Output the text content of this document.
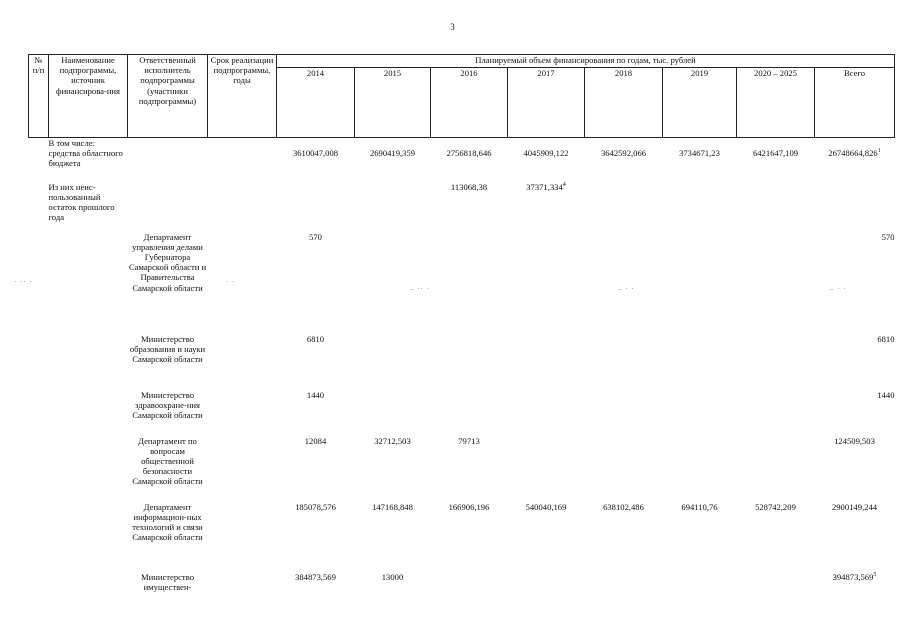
3
№
п/п	Наименование подпрограммы, источник финансирова-ния	Ответственный исполнитель подпрограммы (участники подпрограммы)	Срок реализации подпрограммы, годы	Планируемый объем финансирования по годам, тыс. рублей							
				2014	2015	2016	2017	2018	2019	2020 – 2025	Всего
	В том числе:
средства областного бюджета			3610047,008	2690419,359	2756818,646	4045909,122	3642592,066	3734671,23	6421647,109	26748664,826$^1$
	Из них неис-пользованный остаток прошлого года					113068,38	37371,334$^4$				
		Департамент управления делами Губернатора Самарской области и Правительства Самарской области		570							570
		Министерство образования и науки Самарской области		6810							6810
		Министерство здравоохране-ния Самарской области		1440							1440
		Департамент по вопросам общественной безопасности Самарской области		12084	32712,503	79713					124509,503
		Департамент информацион-ных технологий и связи Самарской области		185078,576	147168,848	166906,196	540040,169	638102,486	694110,76	528742,209	2900149,244
		Министерство имуществен-		384873,569	13000						$394873,569^5$
· ·· ·	· ·
‒ ·· ·	‒ · ·	‒ · ·
